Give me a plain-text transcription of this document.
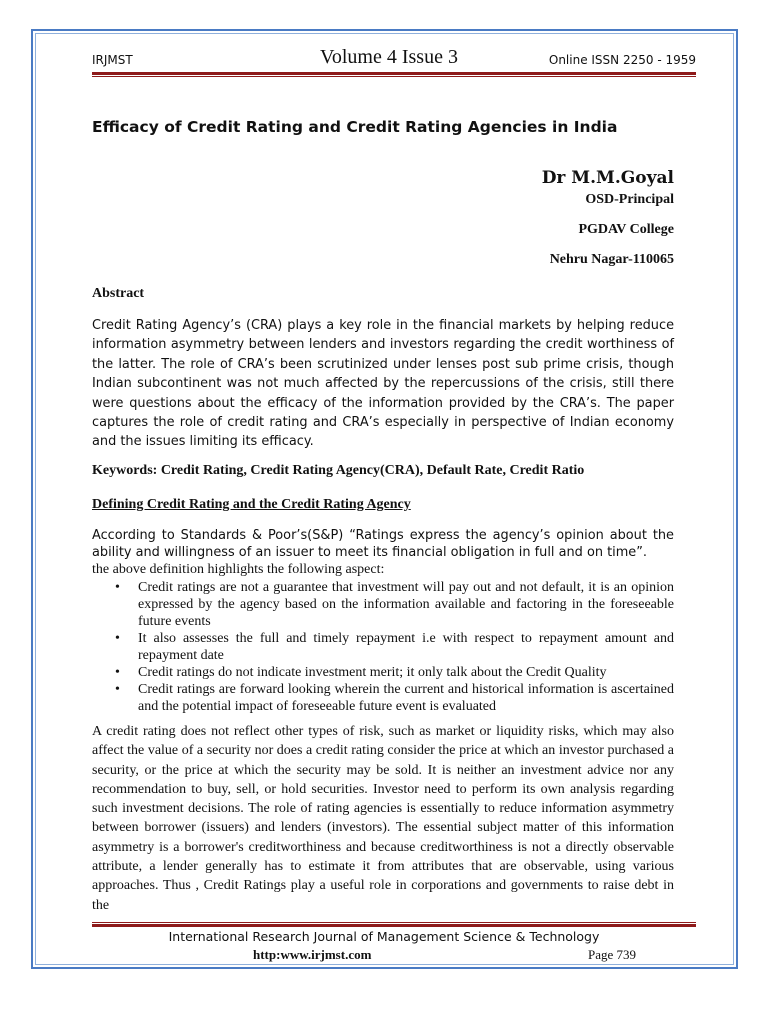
IRJMST	Volume 4 Issue 3	Online ISSN 2250 - 1959
Efficacy of Credit Rating and Credit Rating Agencies in India
Dr M.M.Goyal
OSD-Principal
PGDAV College
Nehru Nagar-110065
Abstract
Credit Rating Agency’s (CRA) plays a key role in the financial markets by helping reduce information asymmetry between lenders and investors regarding the credit worthiness of the latter. The role of CRA’s been scrutinized under lenses post sub prime crisis, though Indian subcontinent was not much affected by the repercussions of the crisis, still there were questions about the efficacy of the information provided by the CRA’s. The paper captures the role of credit rating and CRA’s especially in perspective of Indian economy and the issues limiting its efficacy.
Keywords: Credit Rating, Credit Rating Agency(CRA), Default Rate, Credit Ratio
Defining Credit Rating and the Credit Rating Agency
According to Standards & Poor’s(S&P) “Ratings express the agency’s opinion about the ability and willingness of an issuer to meet its financial obligation in full and on time”.
the above definition highlights the following aspect:
• Credit ratings are not a guarantee that investment will pay out and not default, it is an opinion expressed by the agency based on the information available and factoring in the foreseeable future events
• It also assesses the full and timely repayment i.e with respect to repayment amount and repayment date
• Credit ratings do not indicate investment merit; it only talk about the Credit Quality
• Credit ratings are forward looking wherein the current and historical information is ascertained and the potential impact of foreseeable future event is evaluated
A credit rating does not reflect other types of risk, such as market or liquidity risks, which may also affect the value of a security nor does a credit rating consider the price at which an investor purchased a security, or the price at which the security may be sold. It is neither an investment advice nor any recommendation to buy, sell, or hold securities. Investor need to perform its own analysis regarding such investment decisions. The role of rating agencies is essentially to reduce information asymmetry between borrower (issuers) and lenders (investors). The essential subject matter of this information asymmetry is a borrower's creditworthiness and because creditworthiness is not a directly observable attribute, a lender generally has to estimate it from attributes that are observable, using various approaches. Thus , Credit Ratings play a useful role in corporations and governments to raise debt in the
International Research Journal of Management Science & Technology
http:www.irjmst.com	Page 739
